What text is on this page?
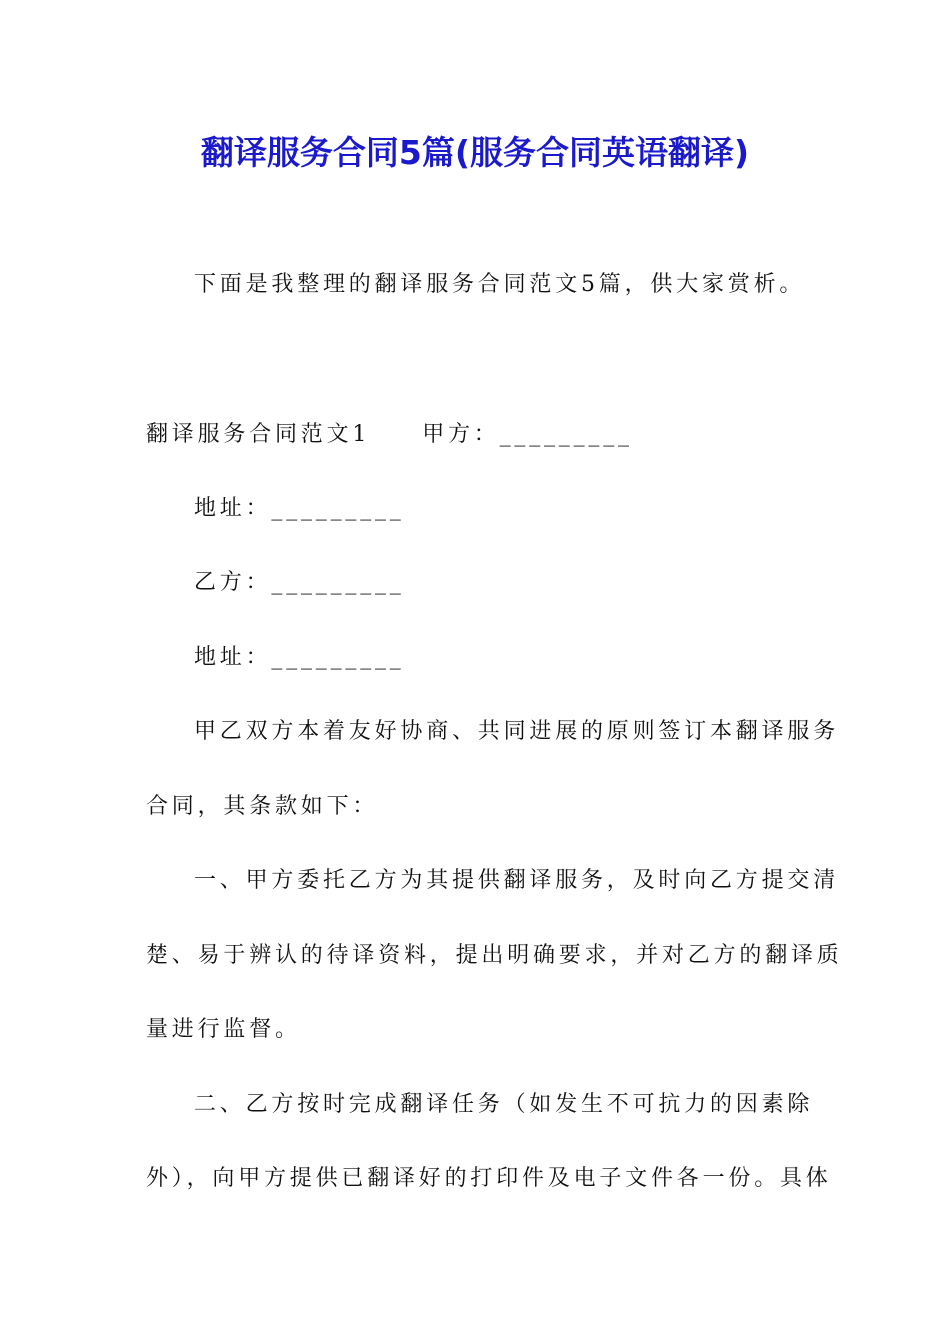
翻译服务合同5篇(服务合同英语翻译)
下面是我整理的翻译服务合同范文5篇，供大家赏析。
翻译服务合同范文1 甲方：_________
地址：_________
乙方：_________
地址：_________
甲乙双方本着友好协商、共同进展的原则签订本翻译服务
合同，其条款如下：
一、甲方委托乙方为其提供翻译服务，及时向乙方提交清
楚、易于辨认的待译资料，提出明确要求，并对乙方的翻译质
量进行监督。
二、乙方按时完成翻译任务（如发生不可抗力的因素除
外），向甲方提供已翻译好的打印件及电子文件各一份。具体
